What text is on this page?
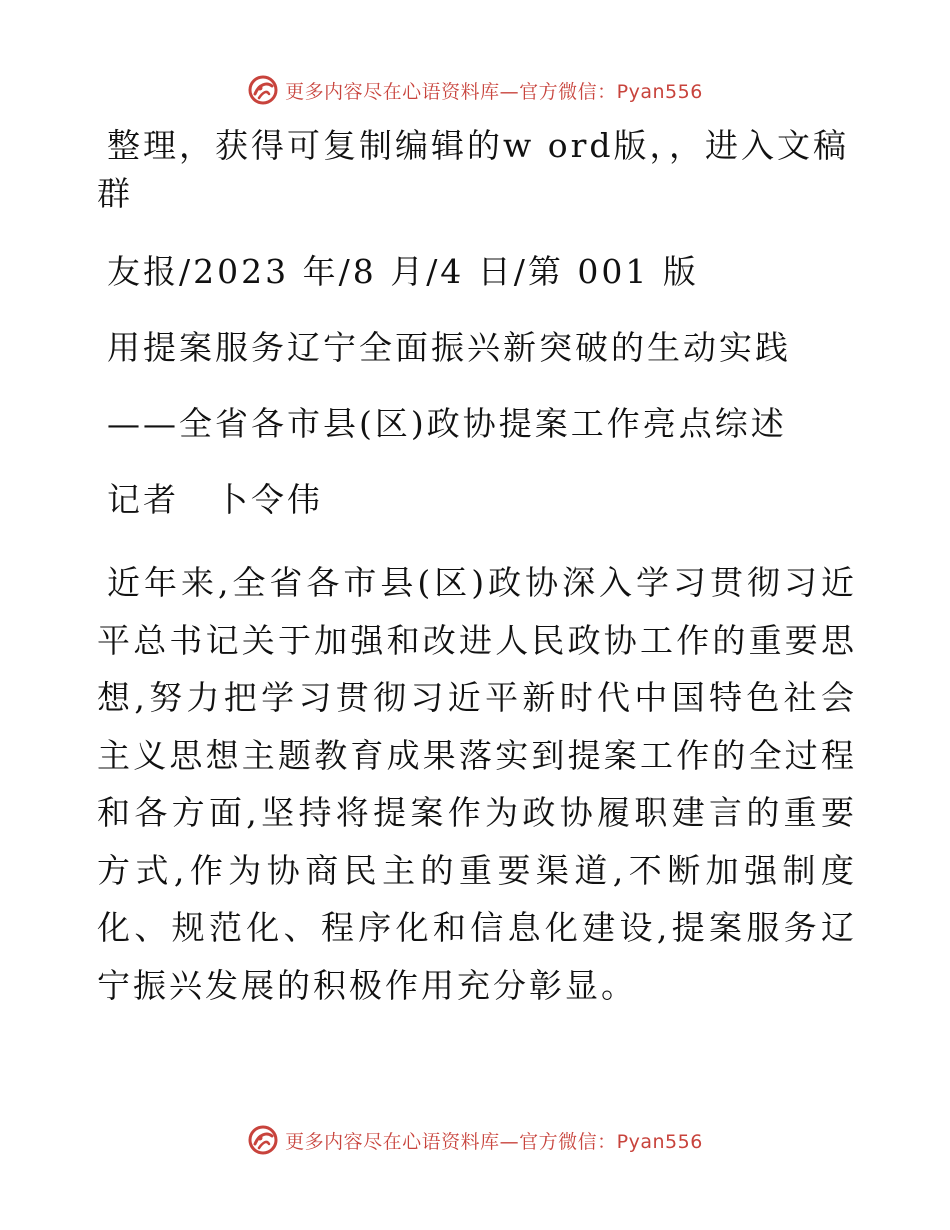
更多内容尽在心语资料库—官方微信：Pyan556

整理，获得可复制编辑的w ord版，，进入文稿

群

友报/2023 年/8 月/4 日/第 001 版

用提案服务辽宁全面振兴新突破的生动实践

——全省各市县(区)政协提案工作亮点综述

记者　卜令伟

近年来,全省各市县(区)政协深入学习贯彻习近平总书记关于加强和改进人民政协工作的重要思想,努力把学习贯彻习近平新时代中国特色社会主义思想主题教育成果落实到提案工作的全过程和各方面,坚持将提案作为政协履职建言的重要方式,作为协商民主的重要渠道,不断加强制度化、规范化、程序化和信息化建设,提案服务辽宁振兴发展的积极作用充分彰显。

更多内容尽在心语资料库—官方微信：Pyan556
